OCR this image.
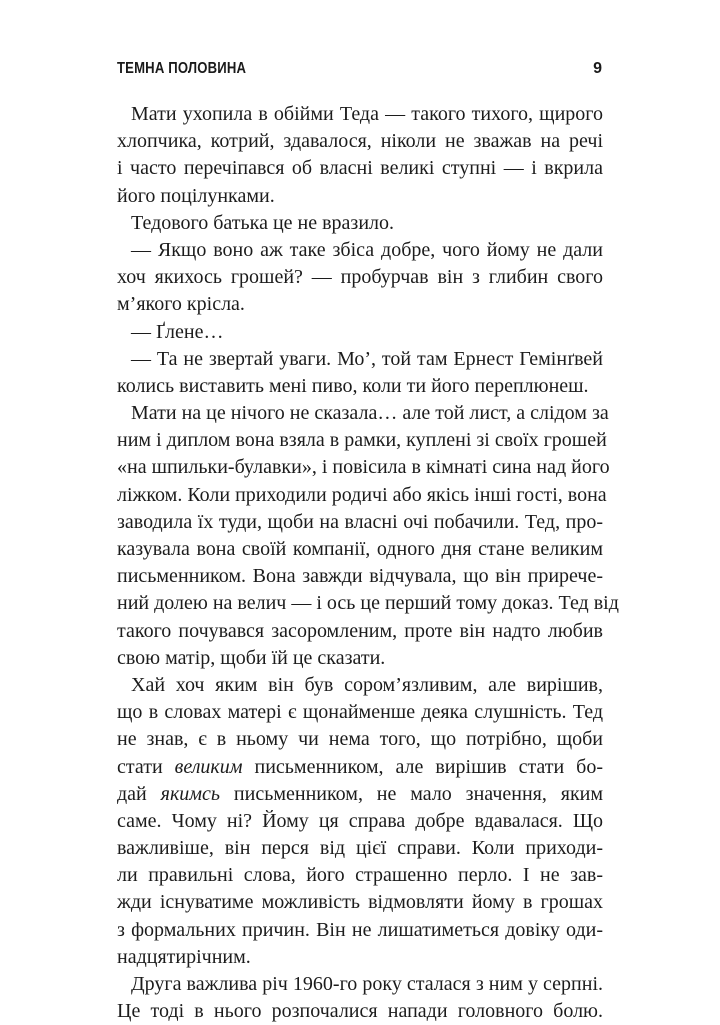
ТЕМНА ПОЛОВИНА	9
Мати ухопила в обійми Теда — такого тихого, щирого
хлопчика, котрий, здавалося, ніколи не зважав на речі
і часто перечіпався об власні великі ступні — і вкрила
його поцілунками.
Тедового батька це не вразило.
— Якщо воно аж таке збіса добре, чого йому не дали
хоч якихось грошей? — пробурчав він з глибин свого
м’якого крісла.
— Ґлене…
— Та не звертай уваги. Мо’, той там Ернест Гемінґвей
колись виставить мені пиво, коли ти його переплюнеш.
Мати на це нічого не сказала… але той лист, а слідом за
ним і диплом вона взяла в рамки, куплені зі своїх грошей
«на шпильки-булавки», і повісила в кімнаті сина над його
ліжком. Коли приходили родичі або якісь інші гості, вона
заводила їх туди, щоби на власні очі побачили. Тед, про-
казувала вона своїй компанії, одного дня стане великим
письменником. Вона завжди відчувала, що він прирече-
ний долею на велич — і ось це перший тому доказ. Тед від
такого почувався засоромленим, проте він надто любив
свою матір, щоби їй це сказати.
Хай хоч яким він був сором’язливим, але вирішив,
що в словах матері є щонайменше деяка слушність. Тед
не знав, є в ньому чи нема того, що потрібно, щоби
стати великим письменником, але вирішив стати бо-
дай якимсь письменником, не мало значення, яким
саме. Чому ні? Йому ця справа добре вдавалася. Що
важливіше, він перся від цієї справи. Коли приходи-
ли правильні слова, його страшенно перло. І не зав-
жди існуватиме можливість відмовляти йому в грошах
з формальних причин. Він не лишатиметься довіку оди-
надцятирічним.
Друга важлива річ 1960-го року сталася з ним у серпні.
Це тоді в нього розпочалися напади головного болю.
